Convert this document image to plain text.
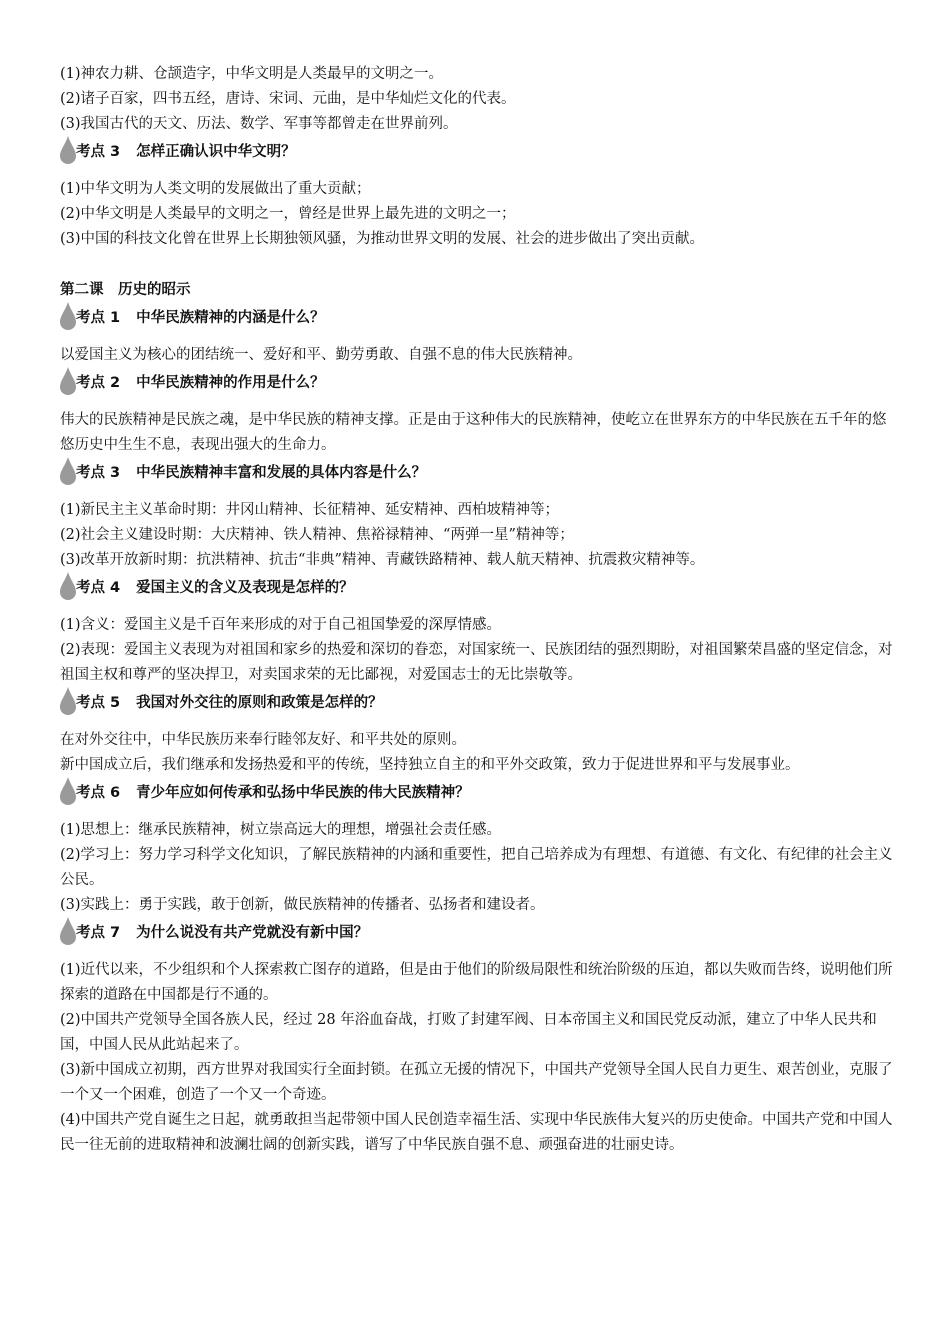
(1)神农力耕、仓颉造字，中华文明是人类最早的文明之一。

(2)诸子百家，四书五经，唐诗、宋词、元曲，是中华灿烂文化的代表。

(3)我国古代的天文、历法、数学、军事等都曾走在世界前列。

考点 3 怎样正确认识中华文明？

(1)中华文明为人类文明的发展做出了重大贡献；

(2)中华文明是人类最早的文明之一，曾经是世界上最先进的文明之一；

(3)中国的科技文化曾在世界上长期独领风骚，为推动世界文明的发展、社会的进步做出了突出贡献。

第二课　历史的昭示

考点 1 中华民族精神的内涵是什么？

以爱国主义为核心的团结统一、爱好和平、勤劳勇敢、自强不息的伟大民族精神。

考点 2 中华民族精神的作用是什么？

伟大的民族精神是民族之魂，是中华民族的精神支撑。正是由于这种伟大的民族精神，使屹立在世界东方的中华民族在五千年的悠悠历史中生生不息，表现出强大的生命力。

考点 3 中华民族精神丰富和发展的具体内容是什么？

(1)新民主主义革命时期：井冈山精神、长征精神、延安精神、西柏坡精神等；

(2)社会主义建设时期：大庆精神、铁人精神、焦裕禄精神、“两弹一星”精神等；

(3)改革开放新时期：抗洪精神、抗击“非典”精神、青藏铁路精神、载人航天精神、抗震救灾精神等。

考点 4 爱国主义的含义及表现是怎样的？

(1)含义：爱国主义是千百年来形成的对于自己祖国挚爱的深厚情感。

(2)表现：爱国主义表现为对祖国和家乡的热爱和深切的眷恋，对国家统一、民族团结的强烈期盼，对祖国繁荣昌盛的坚定信念，对祖国主权和尊严的坚决捍卫，对卖国求荣的无比鄙视，对爱国志士的无比崇敬等。

考点 5 我国对外交往的原则和政策是怎样的？

在对外交往中，中华民族历来奉行睦邻友好、和平共处的原则。

新中国成立后，我们继承和发扬热爱和平的传统，坚持独立自主的和平外交政策，致力于促进世界和平与发展事业。

考点 6 青少年应如何传承和弘扬中华民族的伟大民族精神？

(1)思想上：继承民族精神，树立崇高远大的理想，增强社会责任感。

(2)学习上：努力学习科学文化知识，了解民族精神的内涵和重要性，把自己培养成为有理想、有道德、有文化、有纪律的社会主义公民。

(3)实践上：勇于实践，敢于创新，做民族精神的传播者、弘扬者和建设者。

考点 7 为什么说没有共产党就没有新中国？

(1)近代以来，不少组织和个人探索救亡图存的道路，但是由于他们的阶级局限性和统治阶级的压迫，都以失败而告终，说明他们所探索的道路在中国都是行不通的。

(2)中国共产党领导全国各族人民，经过 28 年浴血奋战，打败了封建军阀、日本帝国主义和国民党反动派，建立了中华人民共和国，中国人民从此站起来了。

(3)新中国成立初期，西方世界对我国实行全面封锁。在孤立无援的情况下，中国共产党领导全国人民自力更生、艰苦创业，克服了一个又一个困难，创造了一个又一个奇迹。

(4)中国共产党自诞生之日起，就勇敢担当起带领中国人民创造幸福生活、实现中华民族伟大复兴的历史使命。中国共产党和中国人民一往无前的进取精神和波澜壮阔的创新实践，谱写了中华民族自强不息、顽强奋进的壮丽史诗。
